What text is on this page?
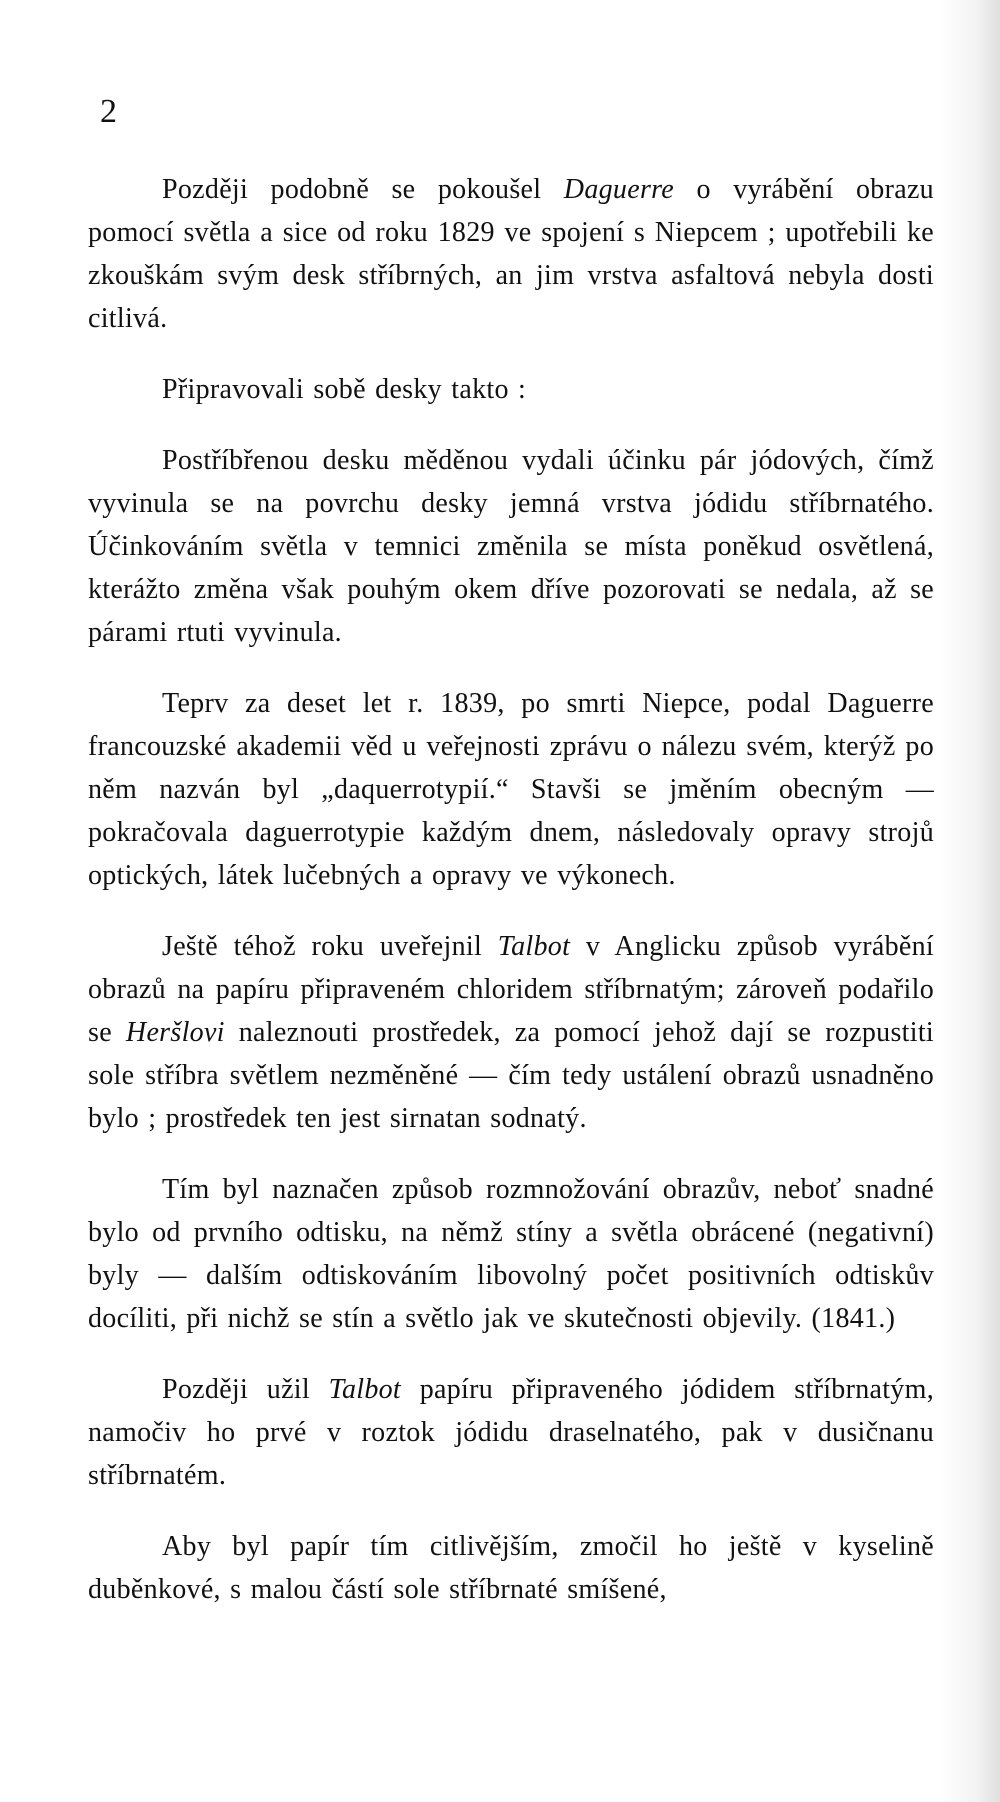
2

Později podobně se pokoušel Daguerre o vyrábění obrazu pomocí světla a sice od roku 1829 ve spojení s Niepcem ; upotřebili ke zkouškám svým desk stříbrných, an jim vrstva asfaltová nebyla dosti citlivá.

Připravovali sobě desky takto :

Postříbřenou desku měděnou vydali účinku pár jódových, čímž vyvinula se na povrchu desky jemná vrstva jódidu stříbrnatého. Účinkováním světla v temnici změnila se místa poněkud osvětlená, kterážto změna však pouhým okem dříve pozorovati se nedala, až se párami rtuti vyvinula.

Teprv za deset let r. 1839, po smrti Niepce, podal Daguerre francouzské akademii věd u veřejnosti zprávu o nálezu svém, kterýž po něm nazván byl „daquerrotypií.“ Stavši se jměním obecným — pokračovala daguerrotypie každým dnem, následovaly opravy strojů optických, látek lučebných a opravy ve výkonech.

Ještě téhož roku uveřejnil Talbot v Anglicku způsob vyrábění obrazů na papíru připraveném chloridem stříbrnatým; zároveň podařilo se Heršlovi naleznouti prostředek, za pomocí jehož dají se rozpustiti sole stříbra světlem nezměněné — čím tedy ustálení obrazů usnadněno bylo ; prostředek ten jest sirnatan sodnatý.

Tím byl naznačen způsob rozmnožování obrazův, neboť snadné bylo od prvního odtisku, na němž stíny a světla obrácené (negativní) byly — dalším odtiskováním libovolný počet positivních odtiskův docíliti, při nichž se stín a světlo jak ve skutečnosti objevily. (1841.)

Později užil Talbot papíru připraveného jódidem stříbrnatým, namočiv ho prvé v roztok jódidu draselnatého, pak v dusičnanu stříbrnatém.

Aby byl papír tím citlivějším, zmočil ho ještě v kyselině duběnkové, s malou částí sole stříbrnaté smíšené,
